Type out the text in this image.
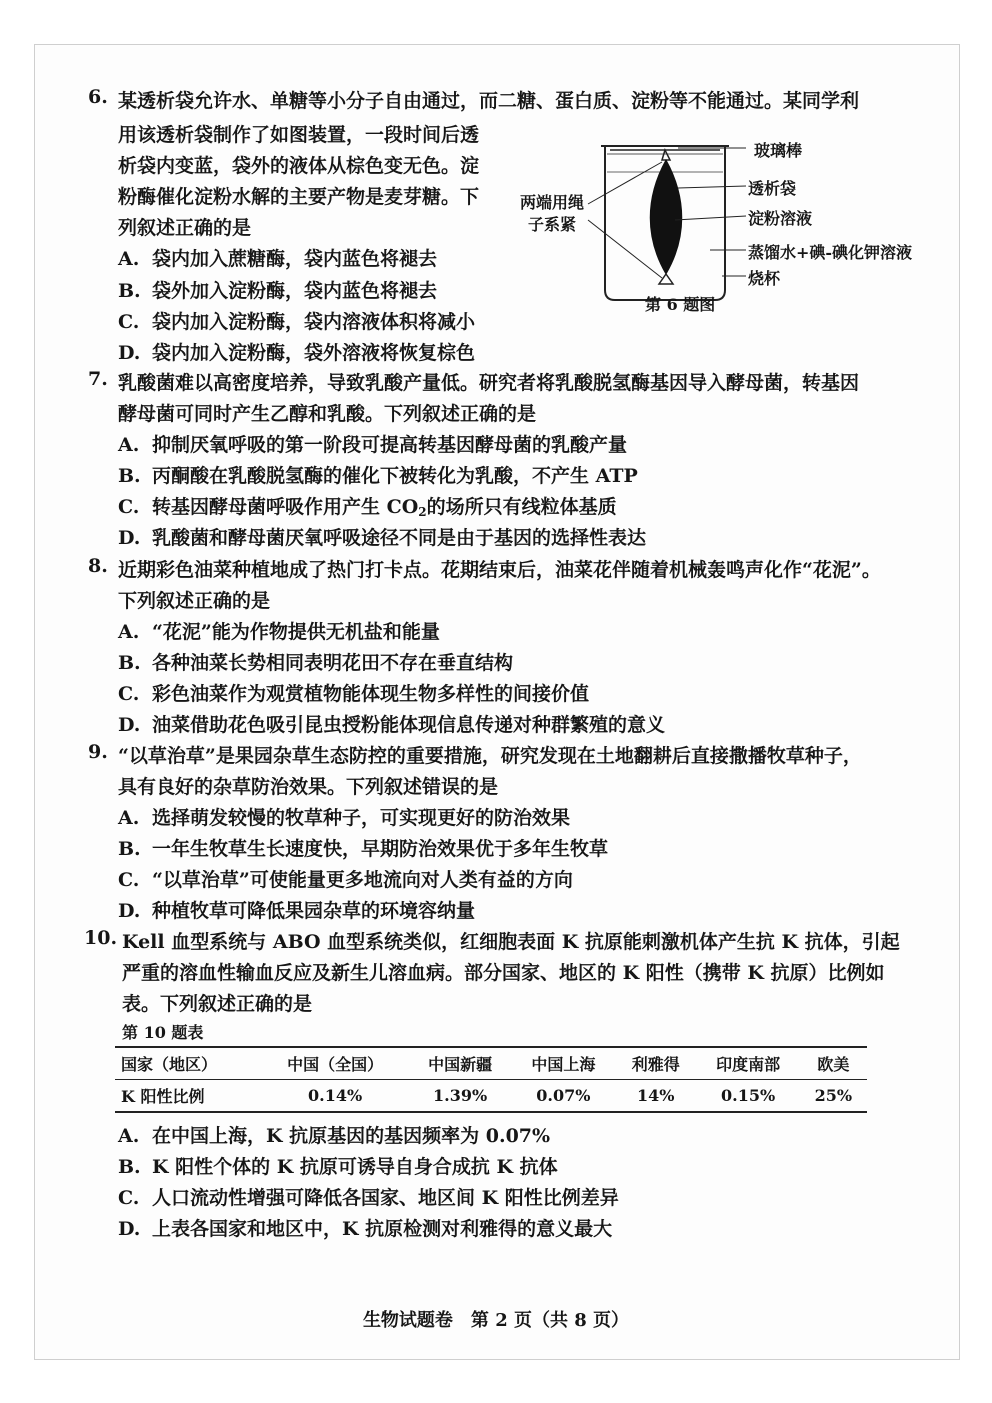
6. 某透析袋允许水、单糖等小分子自由通过，而二糖、蛋白质、淀粉等不能通过。某同学利
用该透析袋制作了如图装置，一段时间后透
析袋内变蓝，袋外的液体从棕色变无色。淀
粉酶催化淀粉水解的主要产物是麦芽糖。下
列叙述正确的是
A. 袋内加入蔗糖酶，袋内蓝色将褪去
B. 袋外加入淀粉酶，袋内蓝色将褪去
C. 袋内加入淀粉酶，袋内溶液体积将减小
D. 袋内加入淀粉酶，袋外溶液将恢复棕色
玻璃棒
两端用绳
子系紧
透析袋
淀粉溶液
蒸馏水+碘-碘化钾溶液
烧杯
第 6 题图
7. 乳酸菌难以高密度培养，导致乳酸产量低。研究者将乳酸脱氢酶基因导入酵母菌，转基因
酵母菌可同时产生乙醇和乳酸。下列叙述正确的是
A. 抑制厌氧呼吸的第一阶段可提高转基因酵母菌的乳酸产量
B. 丙酮酸在乳酸脱氢酶的催化下被转化为乳酸，不产生 ATP
C. 转基因酵母菌呼吸作用产生 $CO_2$的场所只有线粒体基质
D. 乳酸菌和酵母菌厌氧呼吸途径不同是由于基因的选择性表达
8. 近期彩色油菜种植地成了热门打卡点。花期结束后，油菜花伴随着机械轰鸣声化作“花泥”。
下列叙述正确的是
A. “花泥”能为作物提供无机盐和能量
B. 各种油菜长势相同表明花田不存在垂直结构
C. 彩色油菜作为观赏植物能体现生物多样性的间接价值
D. 油菜借助花色吸引昆虫授粉能体现信息传递对种群繁殖的意义
9. “以草治草”是果园杂草生态防控的重要措施，研究发现在土地翻耕后直接撒播牧草种子，
具有良好的杂草防治效果。下列叙述错误的是
A. 选择萌发较慢的牧草种子，可实现更好的防治效果
B. 一年生牧草生长速度快，早期防治效果优于多年生牧草
C. “以草治草”可使能量更多地流向对人类有益的方向
D. 种植牧草可降低果园杂草的环境容纳量
10. Kell 血型系统与 ABO 血型系统类似，红细胞表面 K 抗原能刺激机体产生抗 K 抗体，引起
严重的溶血性输血反应及新生儿溶血病。部分国家、地区的 K 阳性（携带 K 抗原）比例如
表。下列叙述正确的是
第 10 题表
国家（地区）	中国（全国）	中国新疆	中国上海	利雅得	印度南部	欧美
K 阳性比例	0.14%	1.39%	0.07%	14%	0.15%	25%
A. 在中国上海，K 抗原基因的基因频率为 0.07%
B. K 阳性个体的 K 抗原可诱导自身合成抗 K 抗体
C. 人口流动性增强可降低各国家、地区间 K 阳性比例差异
D. 上表各国家和地区中，K 抗原检测对利雅得的意义最大
生物试题卷　第 2 页（共 8 页）
